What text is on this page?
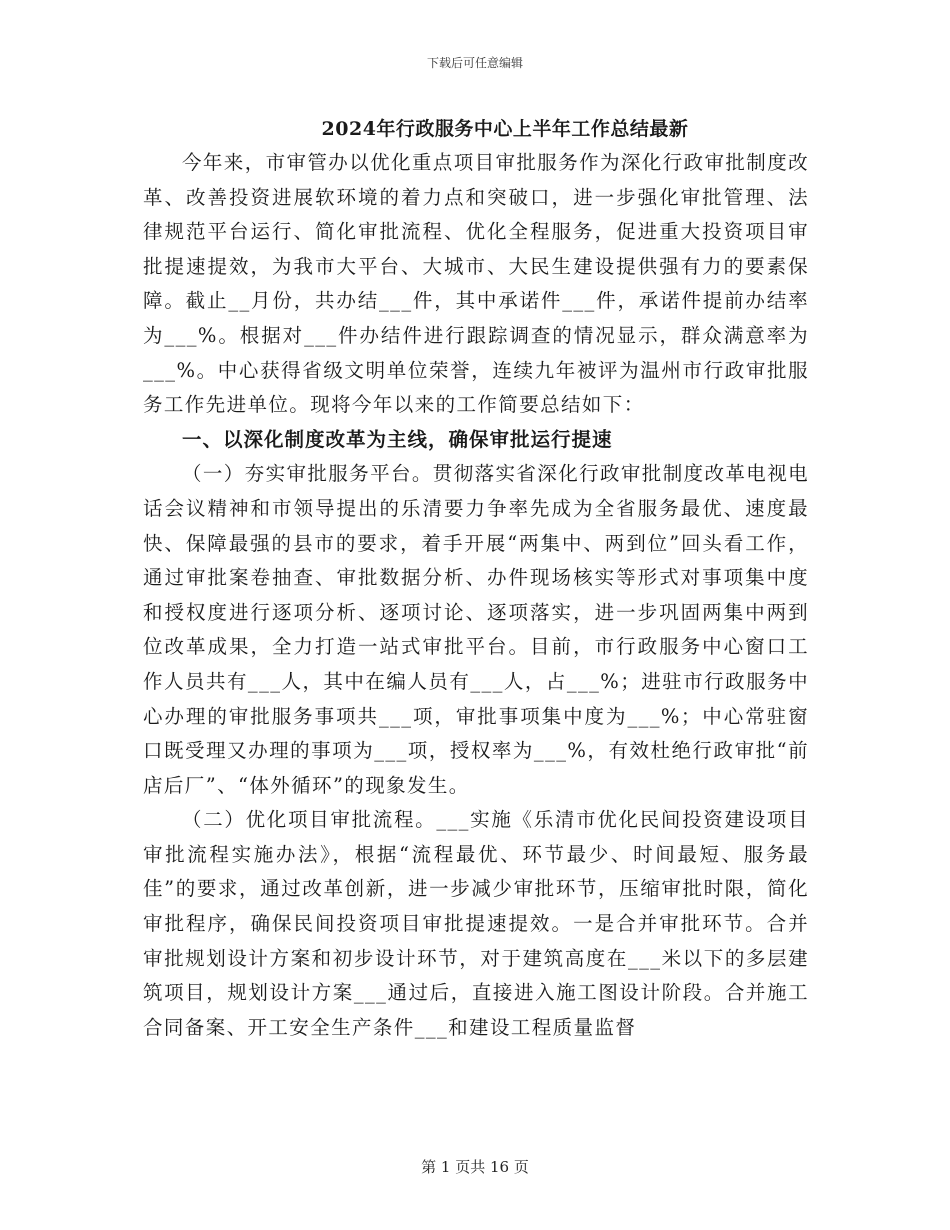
下载后可任意编辑
2024年行政服务中心上半年工作总结最新

今年来，市审管办以优化重点项目审批服务作为深化行政审批制度改革、改善投资进展软环境的着力点和突破口，进一步强化审批管理、法律规范平台运行、简化审批流程、优化全程服务，促进重大投资项目审批提速提效，为我市大平台、大城市、大民生建设提供强有力的要素保障。截止__月份，共办结___件，其中承诺件___件，承诺件提前办结率为___%。根据对___件办结件进行跟踪调查的情况显示，群众满意率为___%。中心获得省级文明单位荣誉，连续九年被评为温州市行政审批服务工作先进单位。现将今年以来的工作简要总结如下：

一、以深化制度改革为主线，确保审批运行提速

（一）夯实审批服务平台。贯彻落实省深化行政审批制度改革电视电话会议精神和市领导提出的乐清要力争率先成为全省服务最优、速度最快、保障最强的县市的要求，着手开展“两集中、两到位”回头看工作，通过审批案卷抽查、审批数据分析、办件现场核实等形式对事项集中度和授权度进行逐项分析、逐项讨论、逐项落实，进一步巩固两集中两到位改革成果，全力打造一站式审批平台。目前，市行政服务中心窗口工作人员共有___人，其中在编人员有___人，占___%；进驻市行政服务中心办理的审批服务事项共___项，审批事项集中度为___%；中心常驻窗口既受理又办理的事项为___项，授权率为___%，有效杜绝行政审批“前店后厂”、“体外循环”的现象发生。

（二）优化项目审批流程。___实施《乐清市优化民间投资建设项目审批流程实施办法》，根据“流程最优、环节最少、时间最短、服务最佳”的要求，通过改革创新，进一步减少审批环节，压缩审批时限，简化审批程序，确保民间投资项目审批提速提效。一是合并审批环节。合并审批规划设计方案和初步设计环节，对于建筑高度在___米以下的多层建筑项目，规划设计方案___通过后，直接进入施工图设计阶段。合并施工合同备案、开工安全生产条件___和建设工程质量监督

第 1 页共 16 页
